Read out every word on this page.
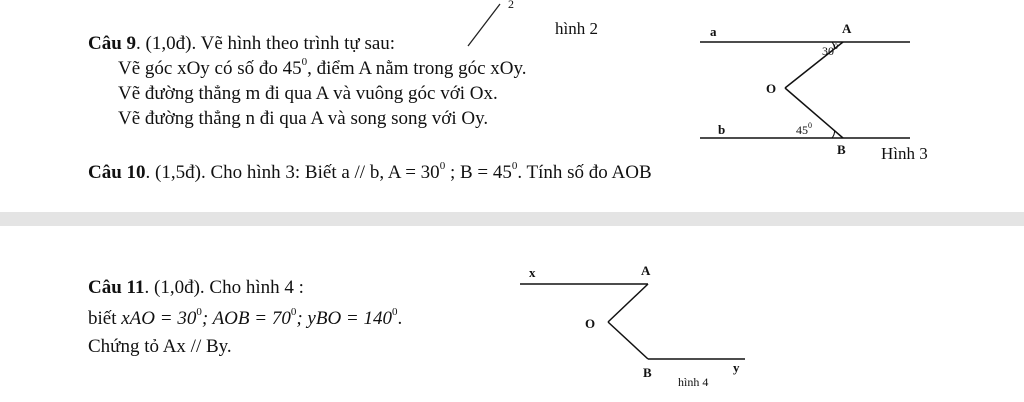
2
hình 2
Câu 9. (1,0đ). Vẽ hình theo trình tự sau:
Vẽ góc xOy có số đo $45^0$, điểm A nằm trong góc xOy.
Vẽ đường thẳng m đi qua A và vuông góc với Ox.
Vẽ đường thẳng n đi qua A và song song với Oy.
Câu 10. (1,5đ). Cho hình 3: Biết a // b, $A = 30^0$ ; $B = 45^0$. Tính số đo AOB
a	A
$30^0$
O
b	$45^0$
B Hình 3
Câu 11. (1,0đ). Cho hình 4 :
biết xAO = $30^0$; AOB = $70^0$; yBO = $140^0$.
Chứng tỏ Ax // By.
x	A
O
B
hình 4
y
